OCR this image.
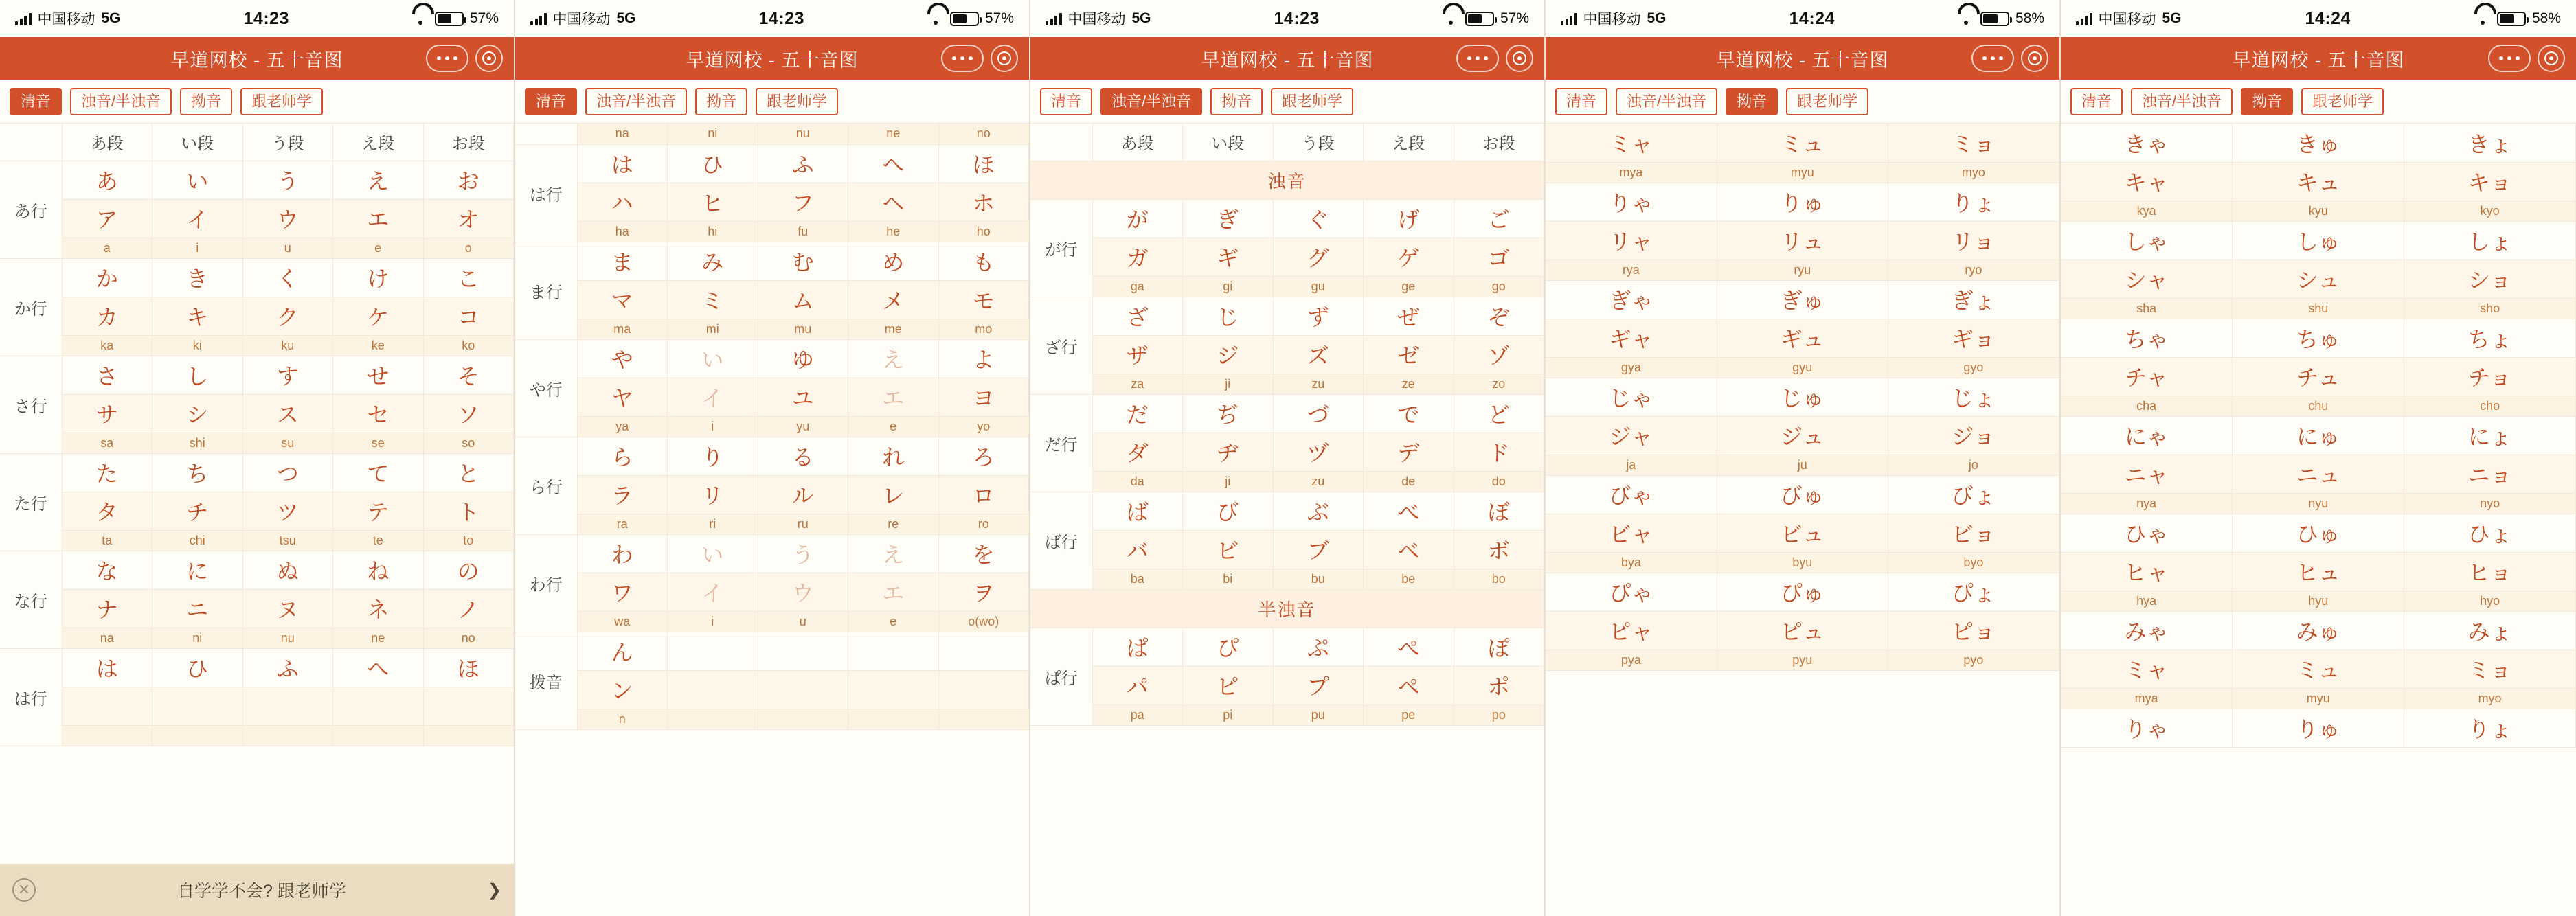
中国移动 5G	14:23	57%
早道网校 - 五十音图
清音	浊音/半浊音	拗音	跟老师学
	あ段	い段	う段	え段	お段
あ行	あ	い	う	え	お
	ア	イ	ウ	エ	オ
	a	i	u	e	o
か行	か	き	く	け	こ
	カ	キ	ク	ケ	コ
	ka	ki	ku	ke	ko
さ行	さ	し	す	せ	そ
	サ	シ	ス	セ	ソ
	sa	shi	su	se	so
た行	た	ち	つ	て	と
	タ	チ	ツ	テ	ト
	ta	chi	tsu	te	to
な行	な	に	ぬ	ね	の
	ナ	ニ	ヌ	ネ	ノ
	na	ni	nu	ne	no
は行	は	ひ	ふ	へ	ほ

✕	自学学不会? 跟老师学	❯
中国移动 5G	14:23	57%
早道网校 - 五十音图
清音	浊音/半浊音	拗音	跟老师学
	na	ni	nu	ne	no
は行	は	ひ	ふ	へ	ほ
	ハ	ヒ	フ	ヘ	ホ
	ha	hi	fu	he	ho
ま行	ま	み	む	め	も
	マ	ミ	ム	メ	モ
	ma	mi	mu	me	mo
や行	や	い	ゆ	え	よ
	ヤ	イ	ユ	エ	ヨ
	ya	i	yu	e	yo
ら行	ら	り	る	れ	ろ
	ラ	リ	ル	レ	ロ
	ra	ri	ru	re	ro
わ行	わ	い	う	え	を
	ワ	イ	ウ	エ	ヲ
	wa	i	u	e	o(wo)
拨音	ん				
	ン				
	n				
中国移动 5G	14:23	57%
早道网校 - 五十音图
清音	浊音/半浊音	拗音	跟老师学
	あ段	い段	う段	え段	お段
浊音					
が行	が	ぎ	ぐ	げ	ご
	ガ	ギ	グ	ゲ	ゴ
	ga	gi	gu	ge	go
ざ行	ざ	じ	ず	ぜ	ぞ
	ザ	ジ	ズ	ゼ	ゾ
	za	ji	zu	ze	zo
だ行	だ	ぢ	づ	で	ど
	ダ	ヂ	ヅ	デ	ド
	da	ji	zu	de	do
ば行	ば	び	ぶ	べ	ぼ
	バ	ビ	ブ	ベ	ボ
	ba	bi	bu	be	bo
半浊音					
ぱ行	ぱ	ぴ	ぷ	ぺ	ぽ
	パ	ピ	プ	ペ	ポ
	pa	pi	pu	pe	po
中国移动 5G	14:24	58%
早道网校 - 五十音图
清音	浊音/半浊音	拗音	跟老师学
ミャ	ミュ	ミョ
mya	myu	myo
りゃ	りゅ	りょ
リャ	リュ	リョ
rya	ryu	ryo
ぎゃ	ぎゅ	ぎょ
ギャ	ギュ	ギョ
gya	gyu	gyo
じゃ	じゅ	じょ
ジャ	ジュ	ジョ
ja	ju	jo
びゃ	びゅ	びょ
ビャ	ビュ	ビョ
bya	byu	byo
ぴゃ	ぴゅ	ぴょ
ピャ	ピュ	ピョ
pya	pyu	pyo
中国移动 5G	14:24	58%
早道网校 - 五十音图
清音	浊音/半浊音	拗音	跟老师学
きゃ	きゅ	きょ
キャ	キュ	キョ
kya	kyu	kyo
しゃ	しゅ	しょ
シャ	シュ	ショ
sha	shu	sho
ちゃ	ちゅ	ちょ
チャ	チュ	チョ
cha	chu	cho
にゃ	にゅ	にょ
ニャ	ニュ	ニョ
nya	nyu	nyo
ひゃ	ひゅ	ひょ
ヒャ	ヒュ	ヒョ
hya	hyu	hyo
みゃ	みゅ	みょ
ミャ	ミュ	ミョ
mya	myu	myo
りゃ	りゅ	りょ
